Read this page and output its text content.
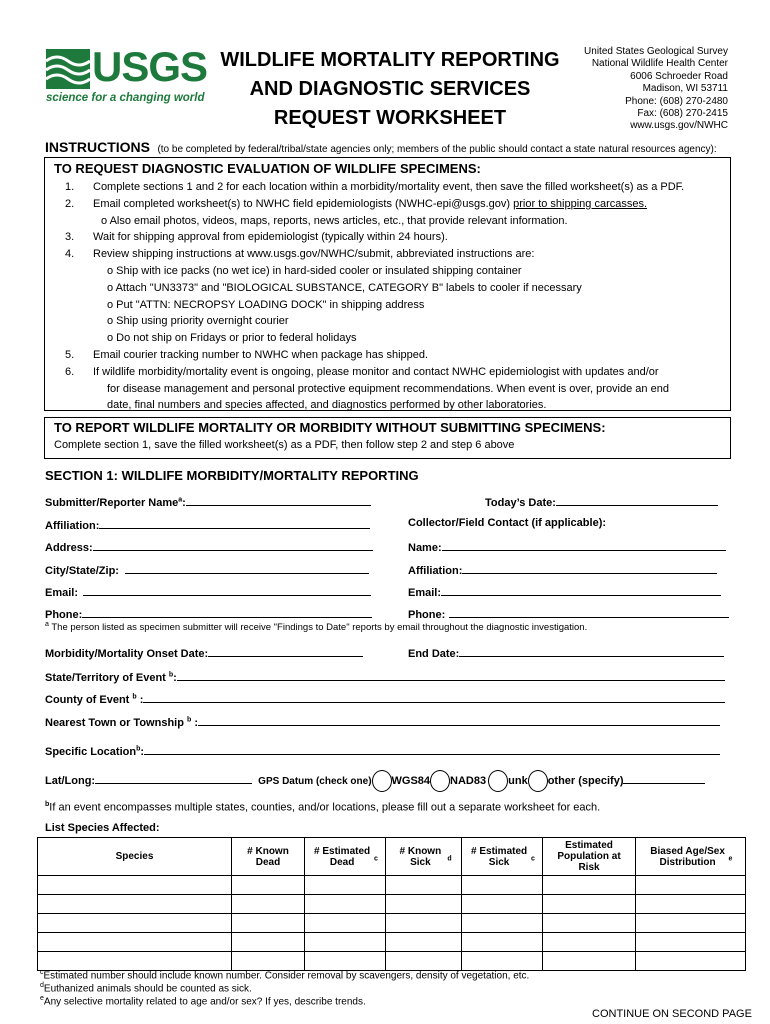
USGS
science for a changing world
WILDLIFE MORTALITY REPORTING
AND DIAGNOSTIC SERVICES
REQUEST WORKSHEET
United States Geological Survey
National Wildlife Health Center
6006 Schroeder Road
Madison, WI 53711
Phone: (608) 270-2480
Fax: (608) 270-2415
www.usgs.gov/NWHC
INSTRUCTIONS (to be completed by federal/tribal/state agencies only; members of the public should contact a state natural resources agency):
TO REQUEST DIAGNOSTIC EVALUATION OF WILDLIFE SPECIMENS:
1. Complete sections 1 and 2 for each location within a morbidity/mortality event, then save the filled worksheet(s) as a PDF.
2. Email completed worksheet(s) to NWHC field epidemiologists (NWHC-epi@usgs.gov) prior to shipping carcasses.
o Also email photos, videos, maps, reports, news articles, etc., that provide relevant information.
3. Wait for shipping approval from epidemiologist (typically within 24 hours).
4. Review shipping instructions at www.usgs.gov/NWHC/submit, abbreviated instructions are:
o Ship with ice packs (no wet ice) in hard-sided cooler or insulated shipping container
o Attach "UN3373" and "BIOLOGICAL SUBSTANCE, CATEGORY B" labels to cooler if necessary
o Put "ATTN: NECROPSY LOADING DOCK" in shipping address
o Ship using priority overnight courier
o Do not ship on Fridays or prior to federal holidays
5. Email courier tracking number to NWHC when package has shipped.
6. If wildlife morbidity/mortality event is ongoing, please monitor and contact NWHC epidemiologist with updates and/or
for disease management and personal protective equipment recommendations. When event is over, provide an end
date, final numbers and species affected, and diagnostics performed by other laboratories.
TO REPORT WILDLIFE MORTALITY OR MORBIDITY WITHOUT SUBMITTING SPECIMENS:
Complete section 1, save the filled worksheet(s) as a PDF, then follow step 2 and step 6 above
SECTION 1: WILDLIFE MORBIDITY/MORTALITY REPORTING
Submitter/Reporter Name$^a$:	Today’s Date:
Affiliation:	Collector/Field Contact (if applicable):
Address:	Name:
City/State/Zip:	Affiliation:
Email:	Email:
Phone:	Phone:
$^a$ The person listed as specimen submitter will receive "Findings to Date" reports by email throughout the diagnostic investigation.
Morbidity/Mortality Onset Date:	End Date:
State/Territory of Event $^b$:
County of Event $^b$ :
Nearest Town or Township $^b$ :
Specific Location$^b$:
Lat/Long:	GPS Datum (check one) WGS84 NAD83 unk other (specify)
$^b$If an event encompasses multiple states, counties, and/or locations, please fill out a separate worksheet for each.
List Species Affected:
Species	# Known Dead	# Estimated Dead $^c$	# Known Sick $^d$	# Estimated Sick $^c$	Estimated Population at Risk	Biased Age/Sex Distribution $^e$

$^c$Estimated number should include known number. Consider removal by scavengers, density of vegetation, etc.
$^d$Euthanized animals should be counted as sick.
$^e$Any selective mortality related to age and/or sex? If yes, describe trends.
CONTINUE ON SECOND PAGE
